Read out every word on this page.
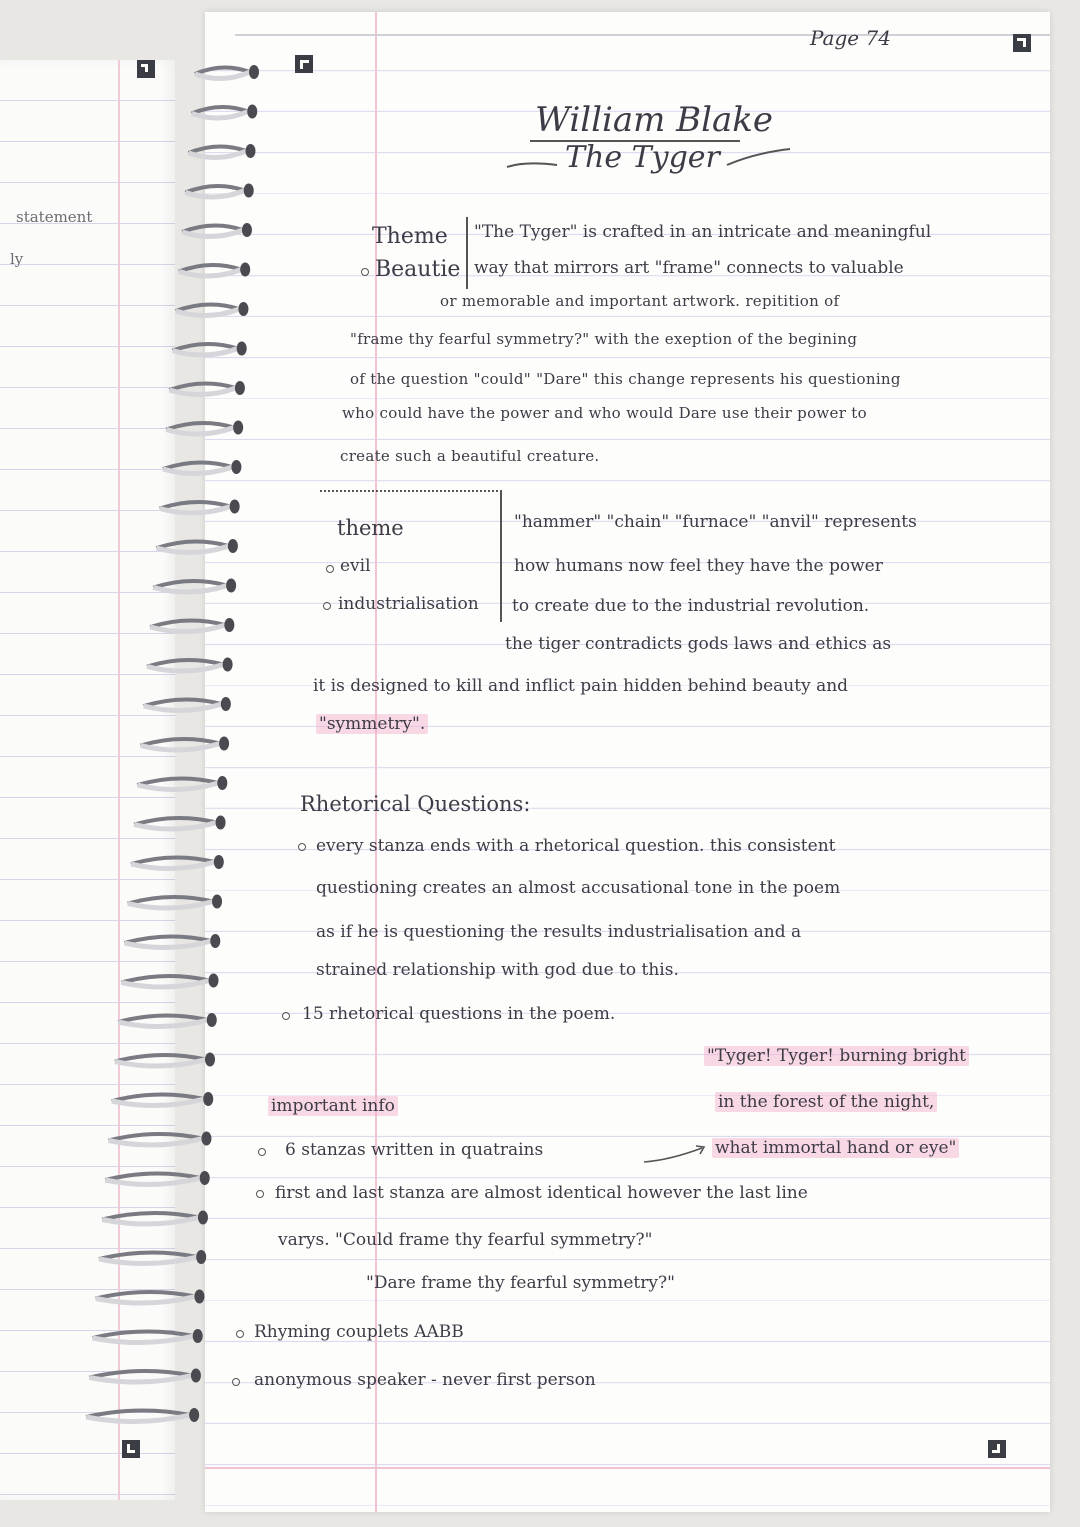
statement
ly
Page 74
William Blake
The Tyger
Theme
Beautie
"The Tyger" is crafted in an intricate and meaningful
way that mirrors art "frame" connects to valuable
or memorable and important artwork. repitition of
"frame thy fearful symmetry?" with the exeption of the begining
of the question "could" "Dare" this change represents his questioning
who could have the power and who would Dare use their power to
create such a beautiful creature.
theme
evil
industrialisation
"hammer" "chain" "furnace" "anvil" represents
how humans now feel they have the power
to create due to the industrial revolution.
the tiger contradicts gods laws and ethics as
it is designed to kill and inflict pain hidden behind beauty and
"symmetry".
Rhetorical Questions:
every stanza ends with a rhetorical question. this consistent
questioning creates an almost accusational tone in the poem
as if he is questioning the results industrialisation and a
strained relationship with god due to this.
15 rhetorical questions in the poem.
"Tyger! Tyger! burning bright
in the forest of the night,
what immortal hand or eye"
important info
6 stanzas written in quatrains
first and last stanza are almost identical however the last line
varys. "Could frame thy fearful symmetry?"
"Dare frame thy fearful symmetry?"
Rhyming couplets AABB
anonymous speaker - never first person
